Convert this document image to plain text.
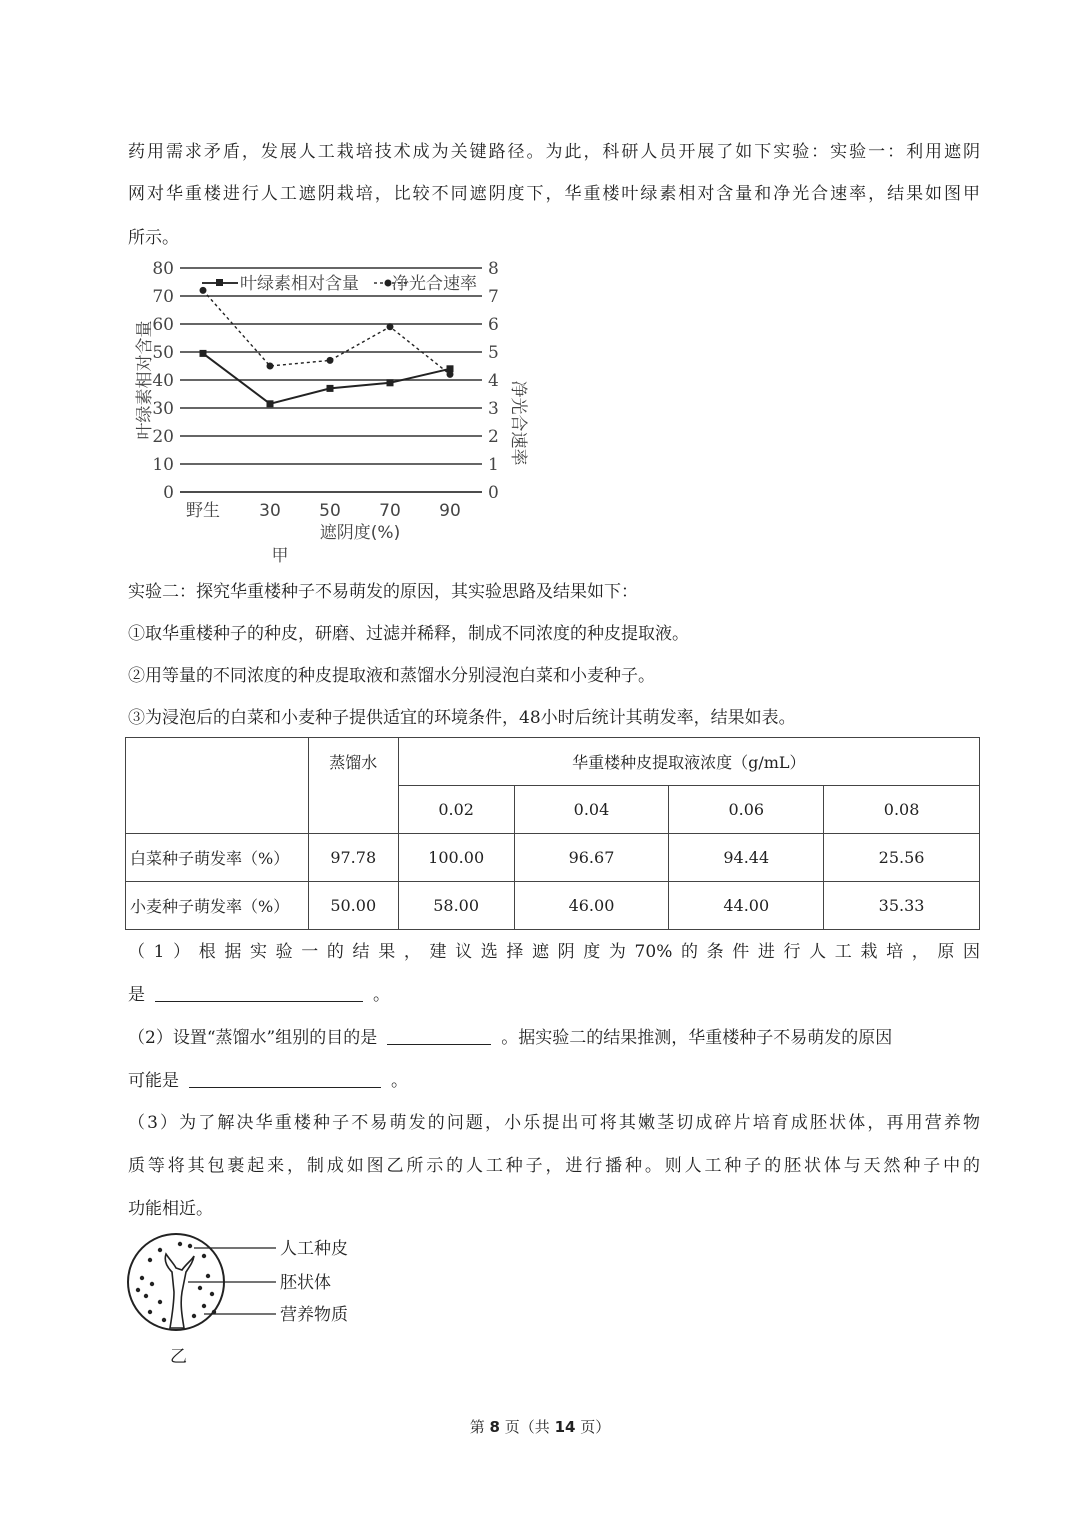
药用需求矛盾，发展人工栽培技术成为关键路径。为此，科研人员开展了如下实验：实验一：利用遮阴

网对华重楼进行人工遮阴栽培，比较不同遮阴度下，华重楼叶绿素相对含量和净光合速率，结果如图甲

所示。

0
10
20
30
40
50
60
70
80
0
1
2
3
4
5
6
7
8
野生 30 50 70 90
叶绿素相对含量 净光合速率
叶绿素相对含量	净光合速率
遮阴度(%)
甲

实验二：探究华重楼种子不易萌发的原因，其实验思路及结果如下：

①取华重楼种子的种皮，研磨、过滤并稀释，制成不同浓度的种皮提取液。

②用等量的不同浓度的种皮提取液和蒸馏水分别浸泡白菜和小麦种子。

③为浸泡后的白菜和小麦种子提供适宜的环境条件，48小时后统计其萌发率，结果如表。

	蒸馏水	华重楼种皮提取液浓度（g/mL）			
		0.02	0.04	0.06	0.08
白菜种子萌发率（%）	97.78	100.00	96.67	94.44	25.56
小麦种子萌发率（%）	50.00	58.00	46.00	44.00	35.33

（1）根据实验一的结果，建议选择遮阴度为70%的条件进行人工栽培，原因

是	。

（2）设置“蒸馏水”组别的目的是	。据实验二的结果推测，华重楼种子不易萌发的原因

可能是	。

（3）为了解决华重楼种子不易萌发的问题，小乐提出可将其嫩茎切成碎片培育成胚状体，再用营养物

质等将其包裹起来，制成如图乙所示的人工种子，进行播种。则人工种子的胚状体与天然种子中的

功能相近。

人工种皮
胚状体
营养物质
乙
第 8 页（共 14 页）
